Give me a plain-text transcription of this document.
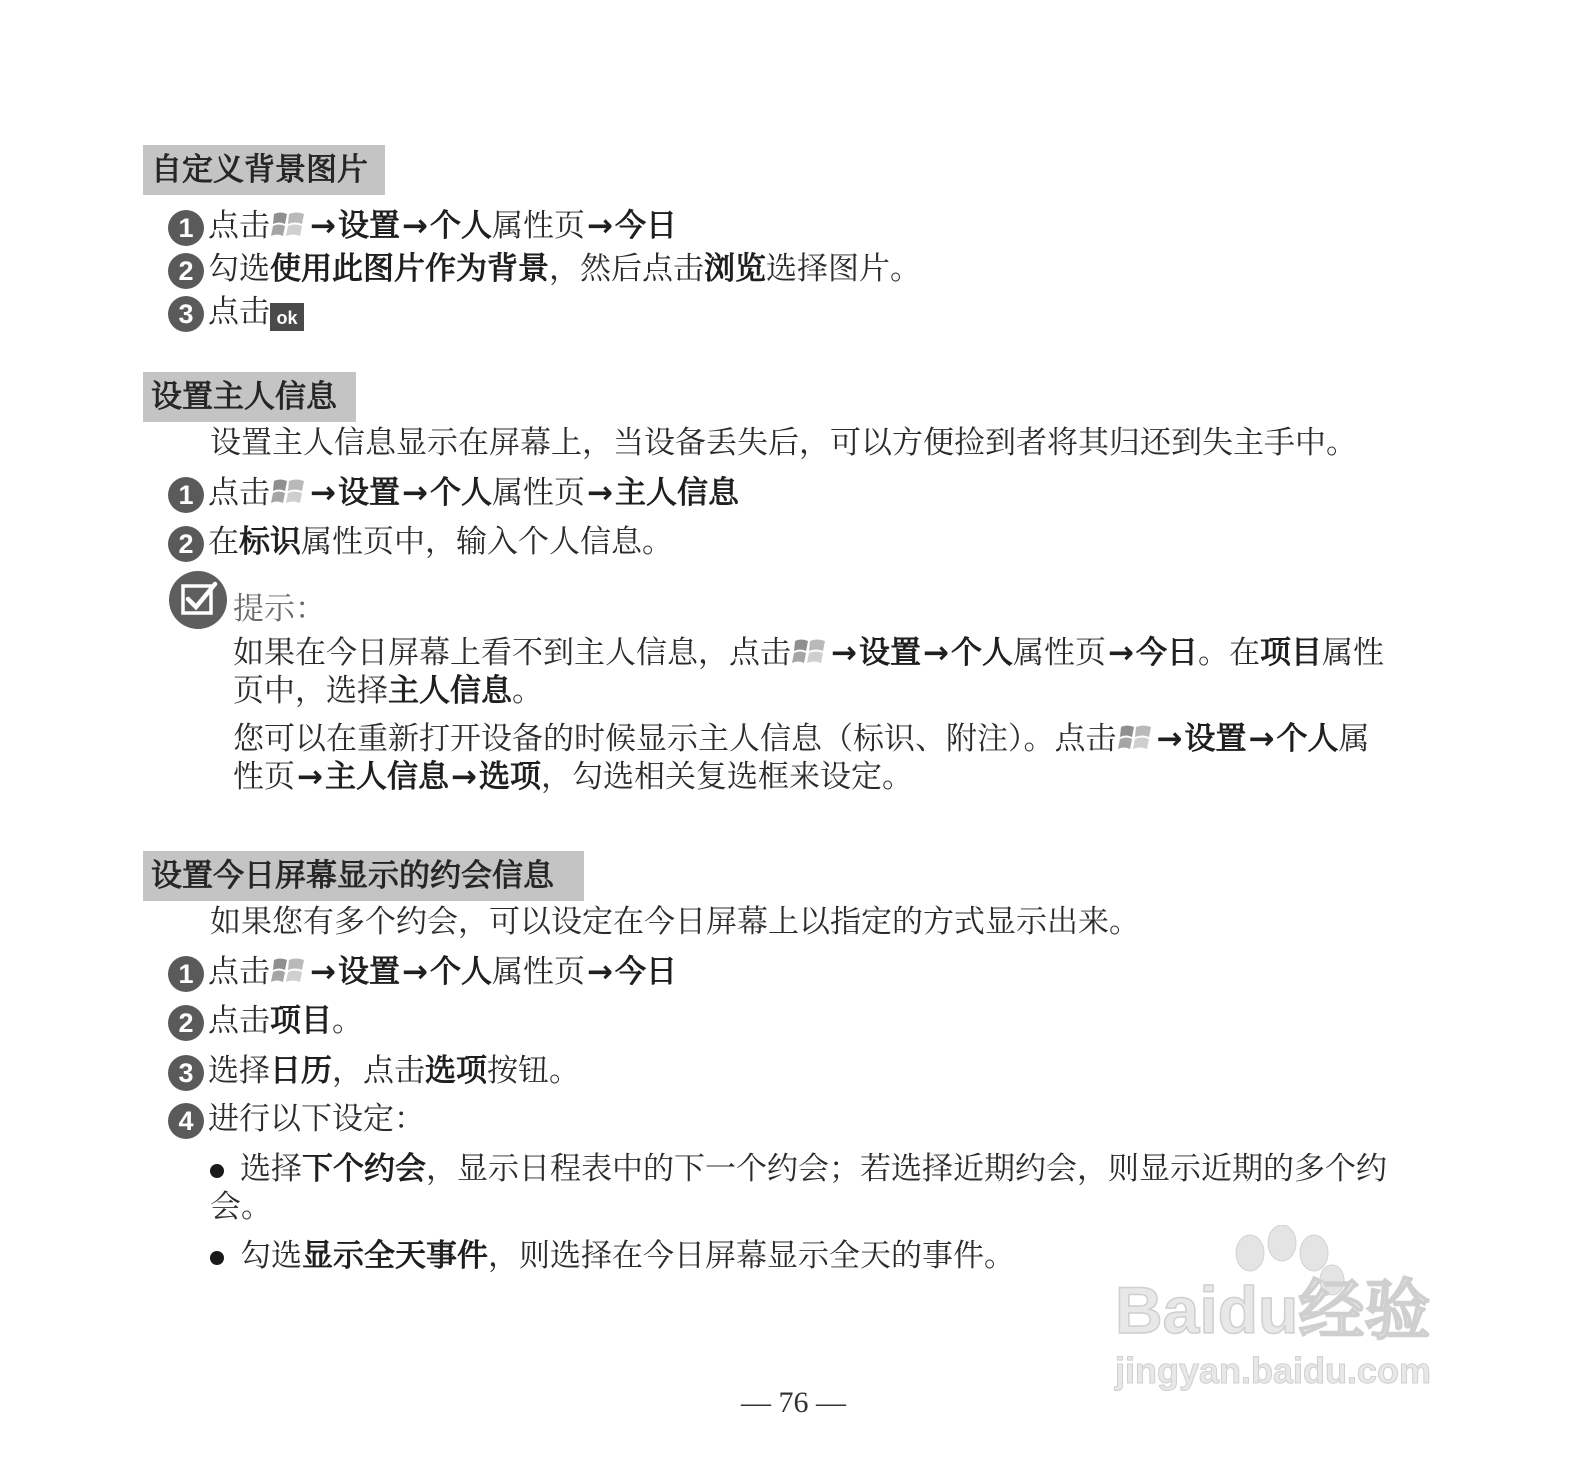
自定义背景图片
1 点击 →设置→个人属性页→今日
2 勾选使用此图片作为背景，然后点击浏览选择图片。
3 点击 ok
设置主人信息
设置主人信息显示在屏幕上，当设备丢失后，可以方便捡到者将其归还到失主手中。
1 点击 →设置→个人属性页→主人信息
2 在标识属性页中，输入个人信息。
提示：
如果在今日屏幕上看不到主人信息，点击 →设置→个人属性页→今日。在项目属性
页中，选择主人信息。
您可以在重新打开设备的时候显示主人信息（标识、附注）。点击 →设置→个人属
性页→主人信息→选项，勾选相关复选框来设定。
设置今日屏幕显示的约会信息
如果您有多个约会，可以设定在今日屏幕上以指定的方式显示出来。
1 点击 →设置→个人属性页→今日
2 点击项目。
3 选择日历，点击选项按钮。
4 进行以下设定：
选择下个约会，显示日程表中的下一个约会；若选择近期约会，则显示近期的多个约
会。
勾选显示全天事件，则选择在今日屏幕显示全天的事件。
Baidu经验
jingyan.baidu.com
— 76 —
